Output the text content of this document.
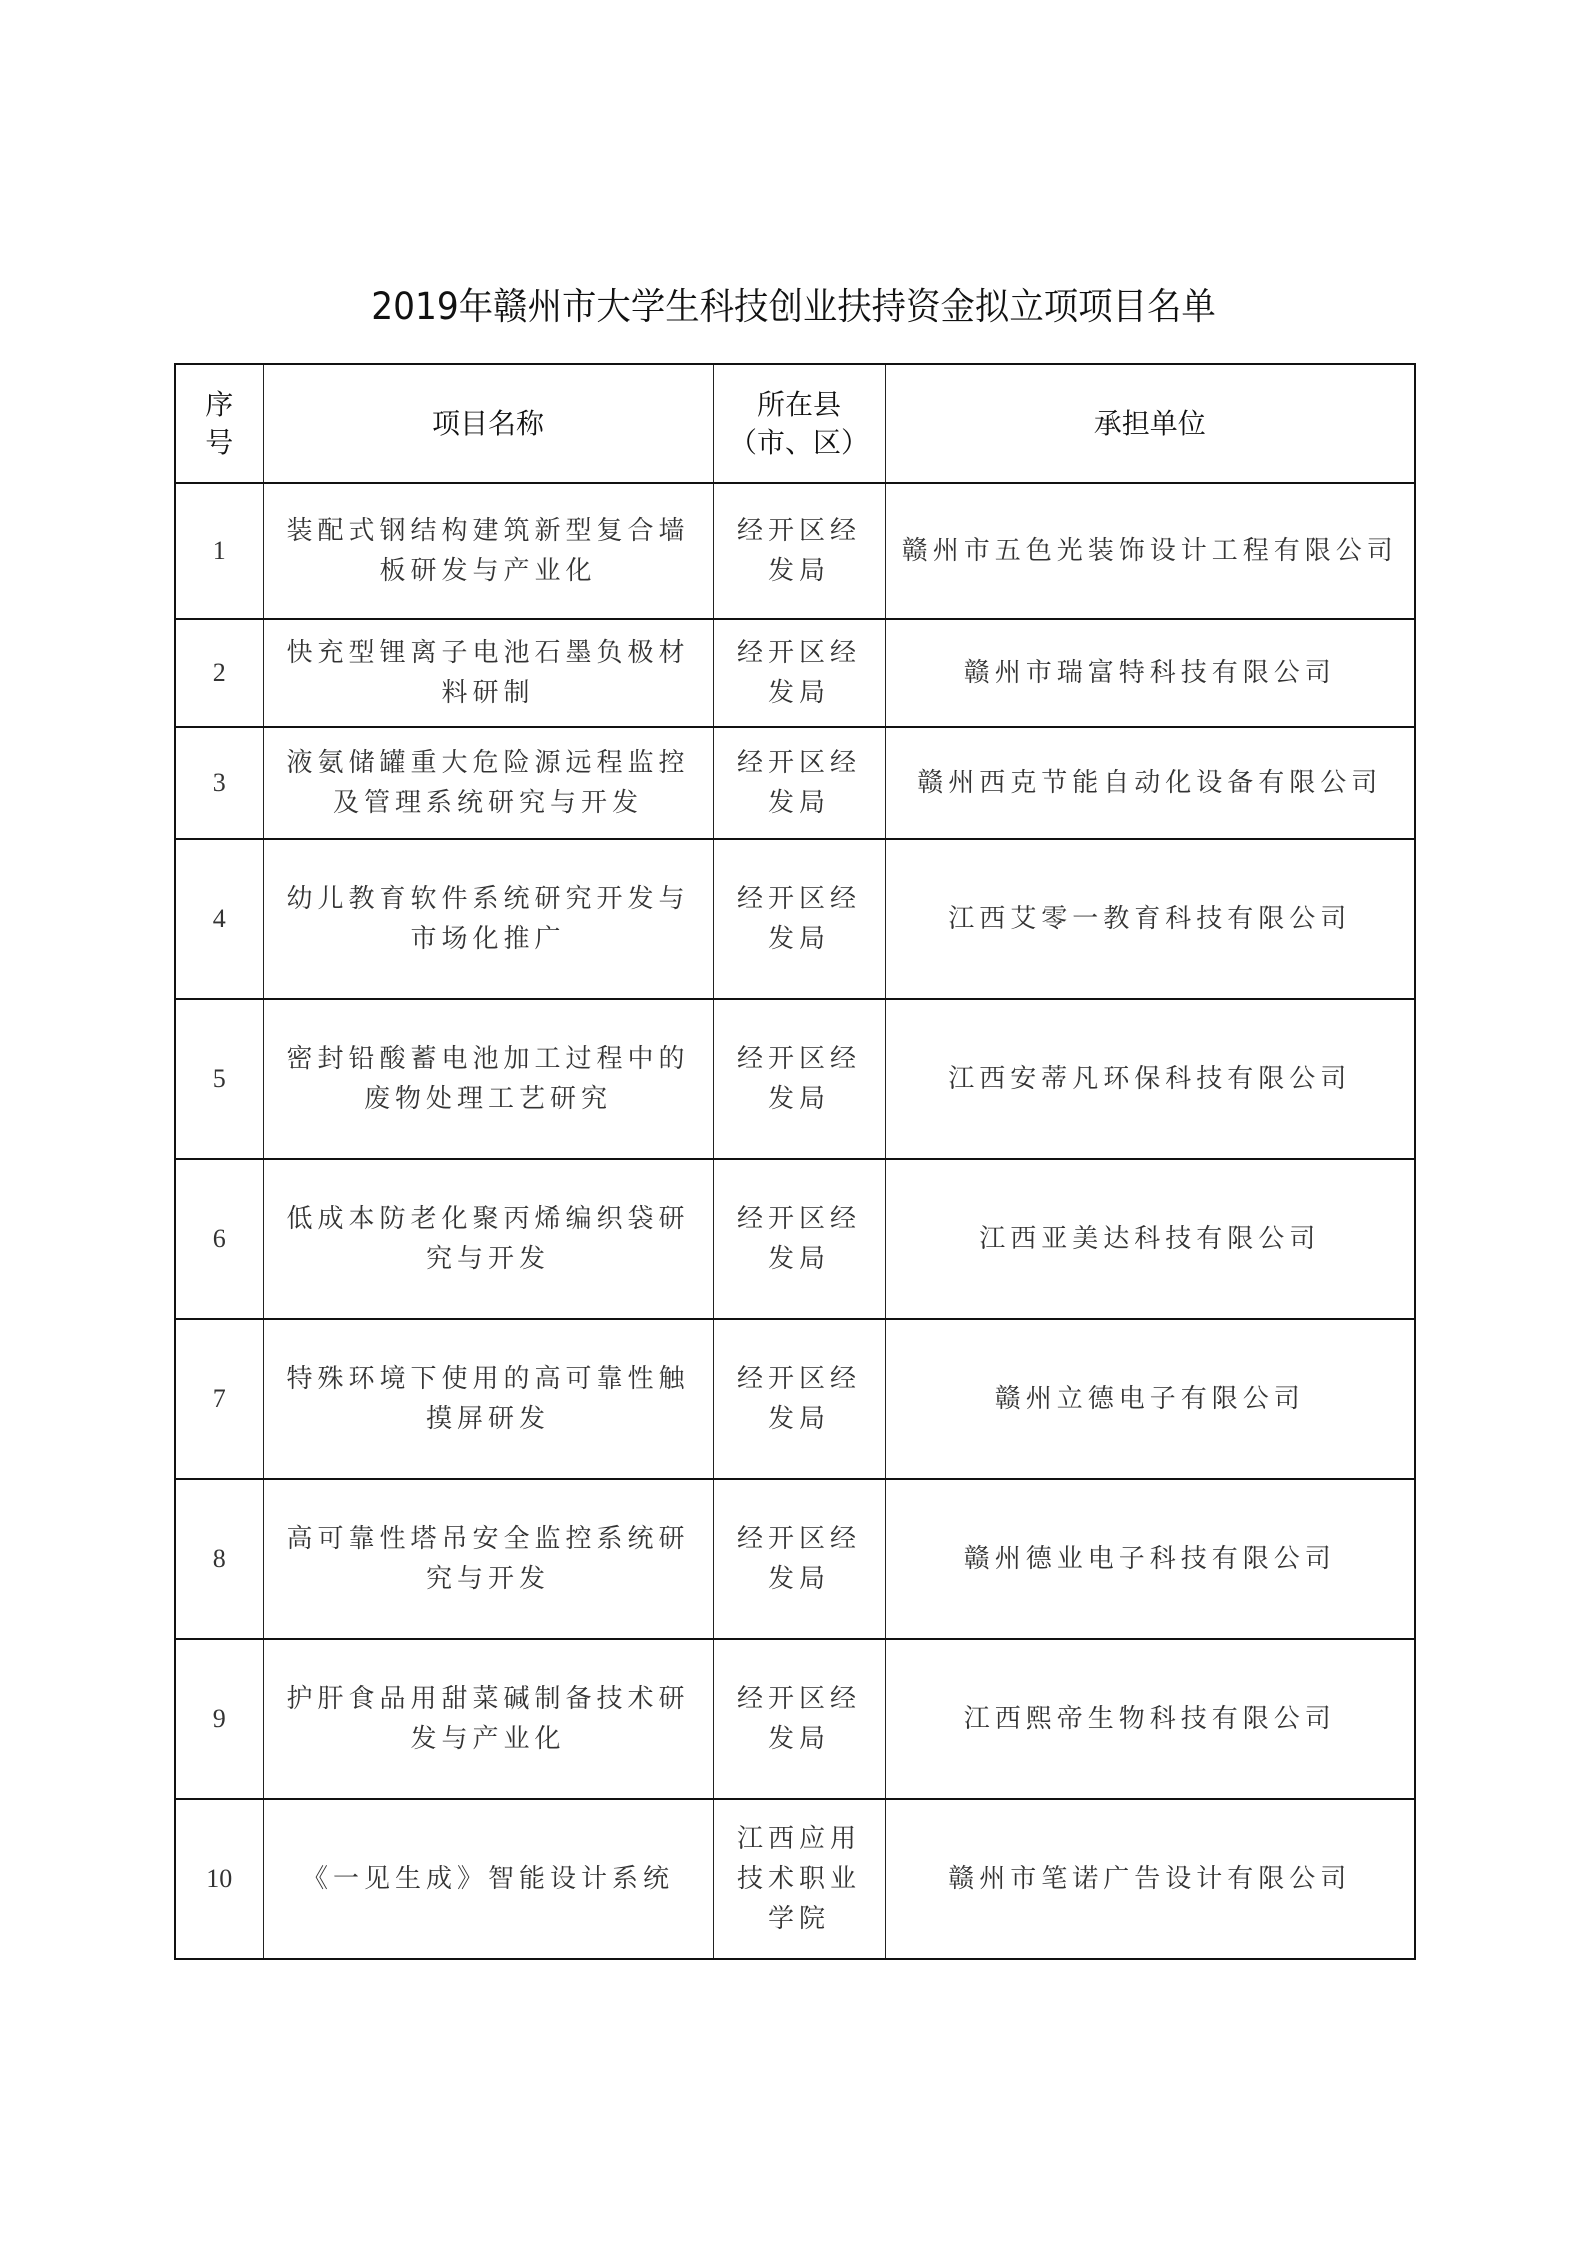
2019年赣州市大学生科技创业扶持资金拟立项项目名单
序号	项目名称	所在县（市、区）	承担单位
1	装配式钢结构建筑新型复合墙板研发与产业化	经开区经发局	赣州市五色光装饰设计工程有限公司
2	快充型锂离子电池石墨负极材料研制	经开区经发局	赣州市瑞富特科技有限公司
3	液氨储罐重大危险源远程监控及管理系统研究与开发	经开区经发局	赣州西克节能自动化设备有限公司
4	幼儿教育软件系统研究开发与市场化推广	经开区经发局	江西艾零一教育科技有限公司
5	密封铅酸蓄电池加工过程中的废物处理工艺研究	经开区经发局	江西安蒂凡环保科技有限公司
6	低成本防老化聚丙烯编织袋研究与开发	经开区经发局	江西亚美达科技有限公司
7	特殊环境下使用的高可靠性触摸屏研发	经开区经发局	赣州立德电子有限公司
8	高可靠性塔吊安全监控系统研究与开发	经开区经发局	赣州德业电子科技有限公司
9	护肝食品用甜菜碱制备技术研发与产业化	经开区经发局	江西熙帝生物科技有限公司
10	《一见生成》智能设计系统	江西应用技术职业学院	赣州市笔诺广告设计有限公司
